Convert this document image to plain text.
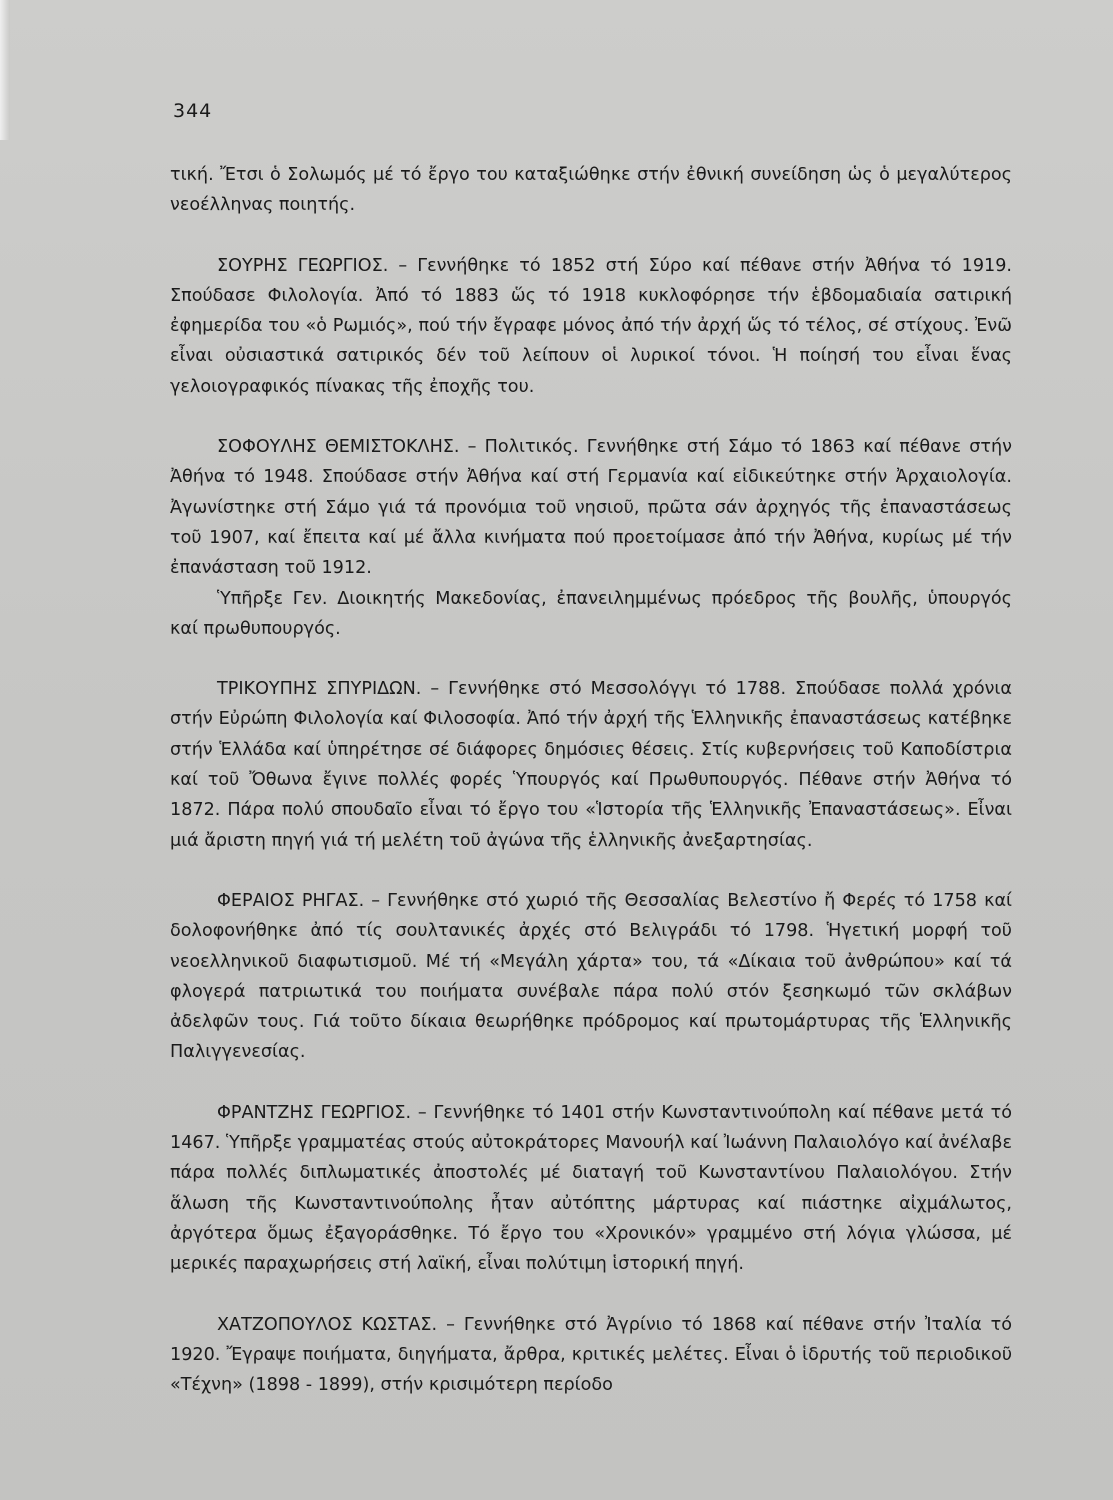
344

τική. Ἔτσι ὁ Σολωμός μέ τό ἔργο του καταξιώθηκε στήν ἐθνική συνείδηση ὡς ὁ μεγαλύτερος νεοέλληνας ποιητής.

ΣΟΥΡΗΣ ΓΕΩΡΓΙΟΣ. – Γεννήθηκε τό 1852 στή Σύρο καί πέθανε στήν Ἀθήνα τό 1919. Σπούδασε Φιλολογία. Ἀπό τό 1883 ὥς τό 1918 κυκλοφόρησε τήν ἑβδομαδιαία σατιρική ἐφημερίδα του «ὁ Ρωμιός», πού τήν ἔγραφε μόνος ἀπό τήν ἀρχή ὥς τό τέλος, σέ στίχους. Ἐνῶ εἶναι οὐσιαστικά σατιρικός δέν τοῦ λείπουν οἱ λυρικοί τόνοι. Ἡ ποίησή του εἶναι ἕνας γελοιογραφικός πίνακας τῆς ἐποχῆς του.

ΣΟΦΟΥΛΗΣ ΘΕΜΙΣΤΟΚΛΗΣ. – Πολιτικός. Γεννήθηκε στή Σάμο τό 1863 καί πέθανε στήν Ἀθήνα τό 1948. Σπούδασε στήν Ἀθήνα καί στή Γερμανία καί εἰδικεύτηκε στήν Ἀρχαιολογία. Ἀγωνίστηκε στή Σάμο γιά τά προνόμια τοῦ νησιοῦ, πρῶτα σάν ἀρχηγός τῆς ἐπαναστάσεως τοῦ 1907, καί ἔπειτα καί μέ ἄλλα κινήματα πού προετοίμασε ἀπό τήν Ἀθήνα, κυρίως μέ τήν ἐπανάσταση τοῦ 1912.

Ὑπῆρξε Γεν. Διοικητής Μακεδονίας, ἐπανειλημμένως πρόεδρος τῆς βουλῆς, ὑπουργός καί πρωθυπουργός.

ΤΡΙΚΟΥΠΗΣ ΣΠΥΡΙΔΩΝ. – Γεννήθηκε στό Μεσσολόγγι τό 1788. Σπούδασε πολλά χρόνια στήν Εὐρώπη Φιλολογία καί Φιλοσοφία. Ἀπό τήν ἀρχή τῆς Ἑλληνικῆς ἐπαναστάσεως κατέβηκε στήν Ἑλλάδα καί ὑπηρέτησε σέ διάφορες δημόσιες θέσεις. Στίς κυβερνήσεις τοῦ Καποδίστρια καί τοῦ Ὄθωνα ἔγινε πολλές φορές Ὑπουργός καί Πρωθυπουργός. Πέθανε στήν Ἀθήνα τό 1872. Πάρα πολύ σπουδαῖο εἶναι τό ἔργο του «Ἱστορία τῆς Ἑλληνικῆς Ἐπαναστάσεως». Εἶναι μιά ἄριστη πηγή γιά τή μελέτη τοῦ ἀγώνα τῆς ἑλληνικῆς ἀνεξαρτησίας.

ΦΕΡΑΙΟΣ ΡΗΓΑΣ. – Γεννήθηκε στό χωριό τῆς Θεσσαλίας Βελεστίνο ἤ Φερές τό 1758 καί δολοφονήθηκε ἀπό τίς σουλτανικές ἀρχές στό Βελιγράδι τό 1798. Ἡγετική μορφή τοῦ νεοελληνικοῦ διαφωτισμοῦ. Μέ τή «Μεγάλη χάρτα» του, τά «Δίκαια τοῦ ἀνθρώπου» καί τά φλογερά πατριωτικά του ποιήματα συνέβαλε πάρα πολύ στόν ξεσηκωμό τῶν σκλάβων ἀδελφῶν τους. Γιά τοῦτο δίκαια θεωρήθηκε πρόδρομος καί πρωτομάρτυρας τῆς Ἑλληνικῆς Παλιγγενεσίας.

ΦΡΑΝΤΖΗΣ ΓΕΩΡΓΙΟΣ. – Γεννήθηκε τό 1401 στήν Κωνσταντινούπολη καί πέθανε μετά τό 1467. Ὑπῆρξε γραμματέας στούς αὐτοκράτορες Μανουήλ καί Ἰωάννη Παλαιολόγο καί ἀνέλαβε πάρα πολλές διπλωματικές ἀποστολές μέ διαταγή τοῦ Κωνσταντίνου Παλαιολόγου. Στήν ἅλωση τῆς Κωνσταντινούπολης ἦταν αὐτόπτης μάρτυρας καί πιάστηκε αἰχμάλωτος, ἀργότερα ὅμως ἐξαγοράσθηκε. Τό ἔργο του «Χρονικόν» γραμμένο στή λόγια γλώσσα, μέ μερικές παραχωρήσεις στή λαϊκή, εἶναι πολύτιμη ἱστορική πηγή.

ΧΑΤΖΟΠΟΥΛΟΣ ΚΩΣΤΑΣ. – Γεννήθηκε στό Ἀγρίνιο τό 1868 καί πέθανε στήν Ἰταλία τό 1920. Ἔγραψε ποιήματα, διηγήματα, ἄρθρα, κριτικές μελέτες. Εἶναι ὁ ἱδρυτής τοῦ περιοδικοῦ «Τέχνη» (1898 - 1899), στήν κρισιμότερη περίοδο
